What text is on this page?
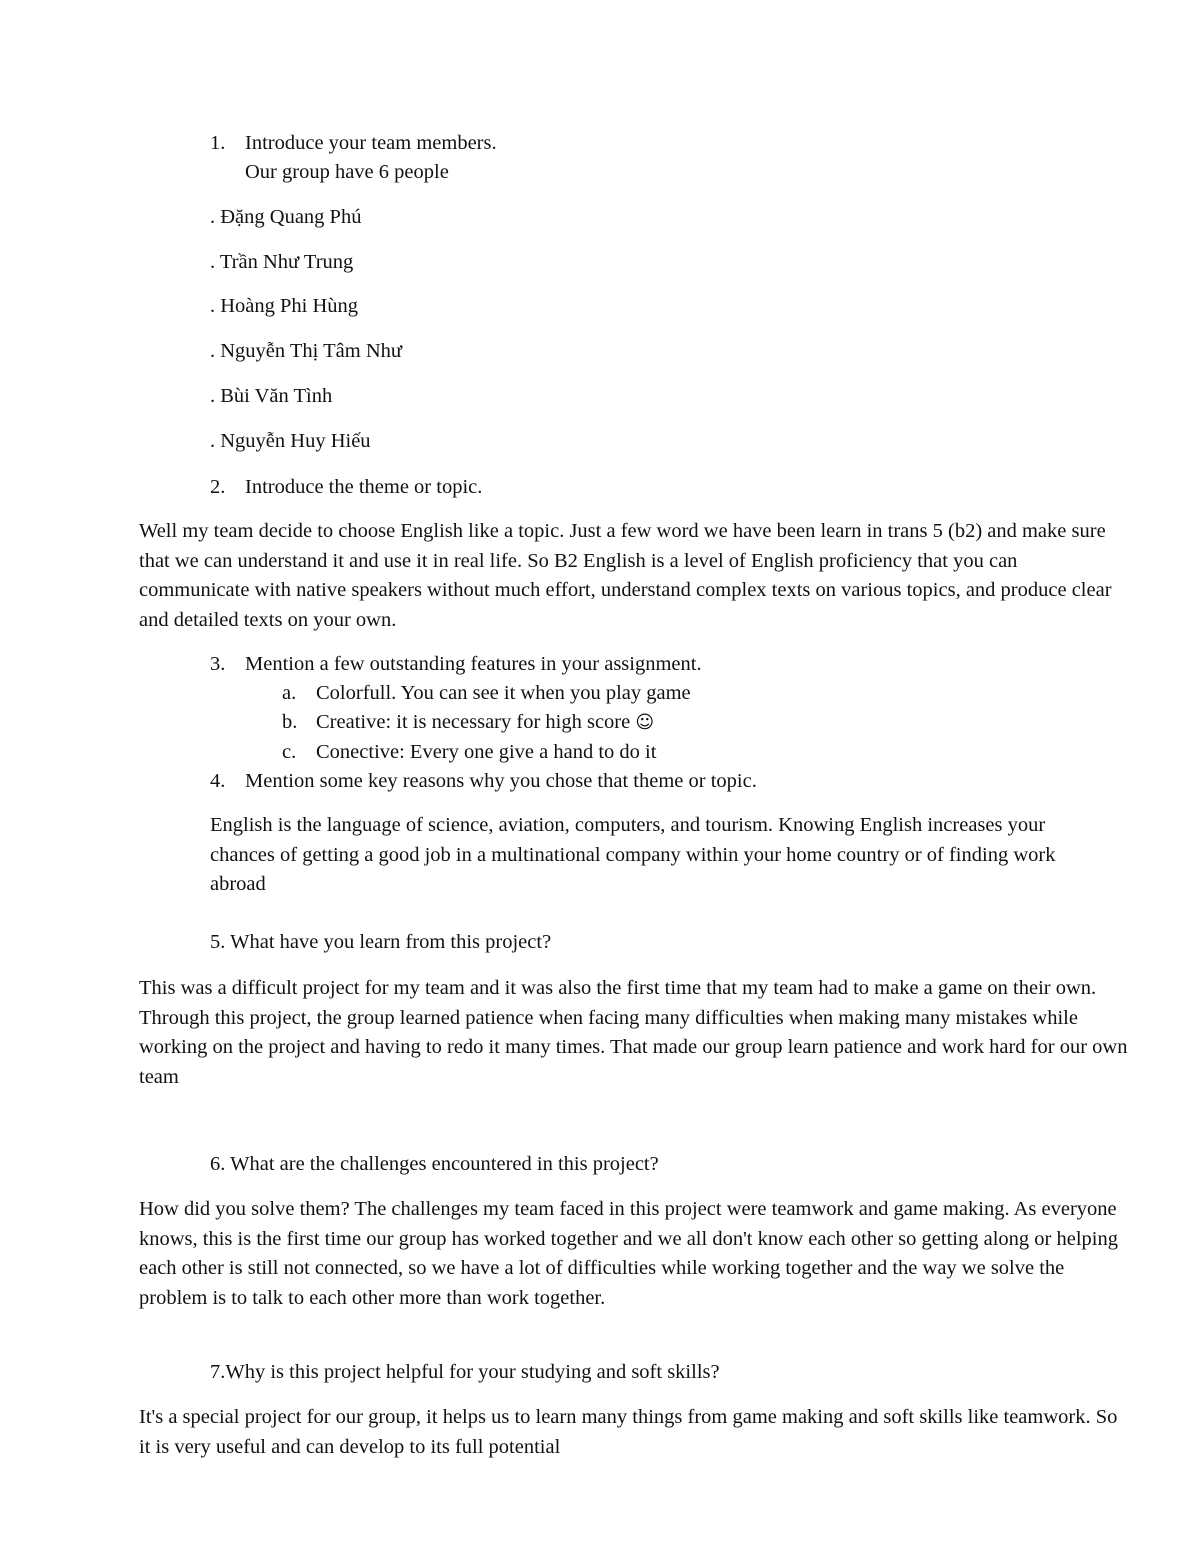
1. Introduce your team members.
Our group have 6 people
. Đặng Quang Phú
. Trần Như Trung
. Hoàng Phi Hùng
. Nguyễn Thị Tâm Như
. Bùi Văn Tình
. Nguyễn Huy Hiếu
2. Introduce the theme or topic.
Well my team decide to choose English like a topic. Just a few word we have been learn in trans 5 (b2) and make sure that we can understand it and use it in real life. So B2 English is a level of English proficiency that you can communicate with native speakers without much effort, understand complex texts on various topics, and produce clear and detailed texts on your own.
3. Mention a few outstanding features in your assignment.
a. Colorfull. You can see it when you play game
b. Creative: it is necessary for high score ☺
c. Conective: Every one give a hand to do it
4. Mention some key reasons why you chose that theme or topic.
English is the language of science, aviation, computers, and tourism. Knowing English increases your chances of getting a good job in a multinational company within your home country or of finding work abroad
5. What have you learn from this project?
This was a difficult project for my team and it was also the first time that my team had to make a game on their own. Through this project, the group learned patience when facing many difficulties when making many mistakes while working on the project and having to redo it many times. That made our group learn patience and work hard for our own team
6. What are the challenges encountered in this project?
How did you solve them? The challenges my team faced in this project were teamwork and game making. As everyone knows, this is the first time our group has worked together and we all don't know each other so getting along or helping each other is still not connected, so we have a lot of difficulties while working together and the way we solve the problem is to talk to each other more than work together.
7.Why is this project helpful for your studying and soft skills?
It's a special project for our group, it helps us to learn many things from game making and soft skills like teamwork. So it is very useful and can develop to its full potential
